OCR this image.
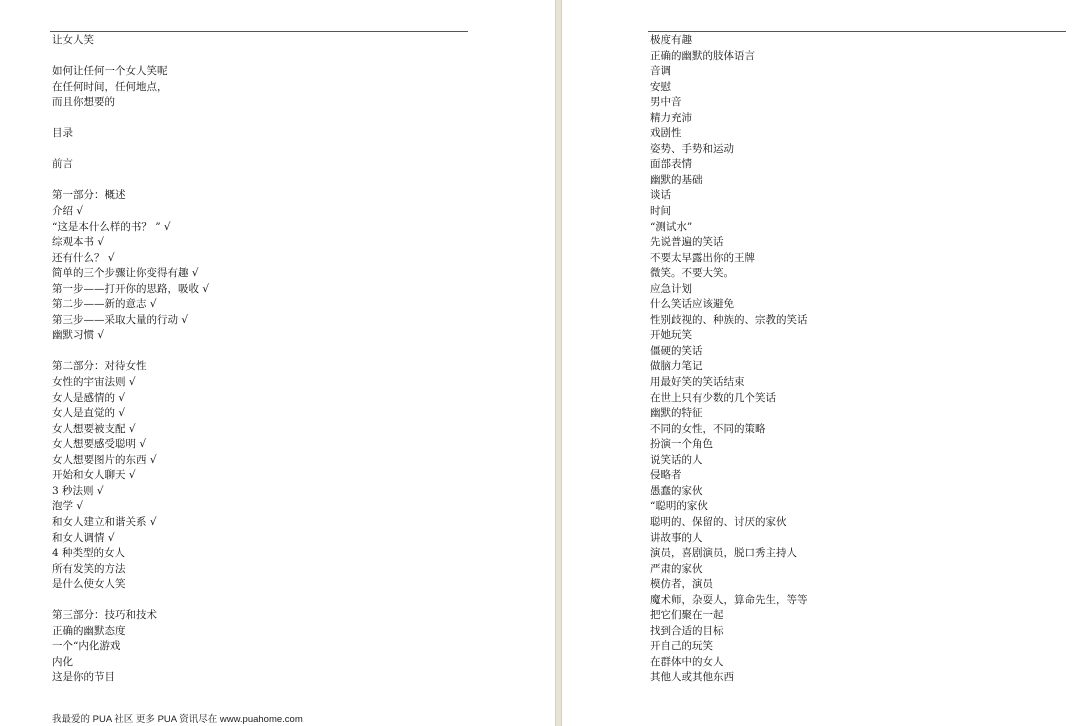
让女人笑
如何让任何一个女人笑呢
在任何时间，任何地点，
而且你想要的
目录
前言
第一部分：概述
介绍 √
“这是本什么样的书？ ” √
综观本书 √
还有什么？ √
简单的三个步骤让你变得有趣 √
第一步——打开你的思路，吸收 √
第二步——新的意志 √
第三步——采取大量的行动 √
幽默习惯 √
第二部分：对待女性
女性的宇宙法则 √
女人是感情的 √
女人是直觉的 √
女人想要被支配 √
女人想要感受聪明 √
女人想要图片的东西 √
开始和女人聊天 √
3 秒法则 √
泡学 √
和女人建立和谐关系 √
和女人调情 √
4 种类型的女人
所有发笑的方法
是什么使女人笑
第三部分：技巧和技术
正确的幽默态度
一个“内化游戏
内化
这是你的节目
我最爱的 PUA 社区 更多 PUA 资讯尽在 www.puahome.com
极度有趣
正确的幽默的肢体语言
音调
安慰
男中音
精力充沛
戏剧性
姿势、手势和运动
面部表情
幽默的基础
谈话
时间
“测试水”
先说普遍的笑话
不要太早露出你的王牌
微笑。不要大笑。
应急计划
什么笑话应该避免
性别歧视的、种族的、宗教的笑话
开她玩笑
僵硬的笑话
做脑力笔记
用最好笑的笑话结束
在世上只有少数的几个笑话
幽默的特征
不同的女性，不同的策略
扮演一个角色
说笑话的人
侵略者
愚蠢的家伙
“聪明的家伙
聪明的、保留的、讨厌的家伙
讲故事的人
演员，喜剧演员，脱口秀主持人
严肃的家伙
模仿者，演员
魔术师，杂耍人，算命先生，等等
把它们聚在一起
找到合适的目标
开自己的玩笑
在群体中的女人
其他人或其他东西
